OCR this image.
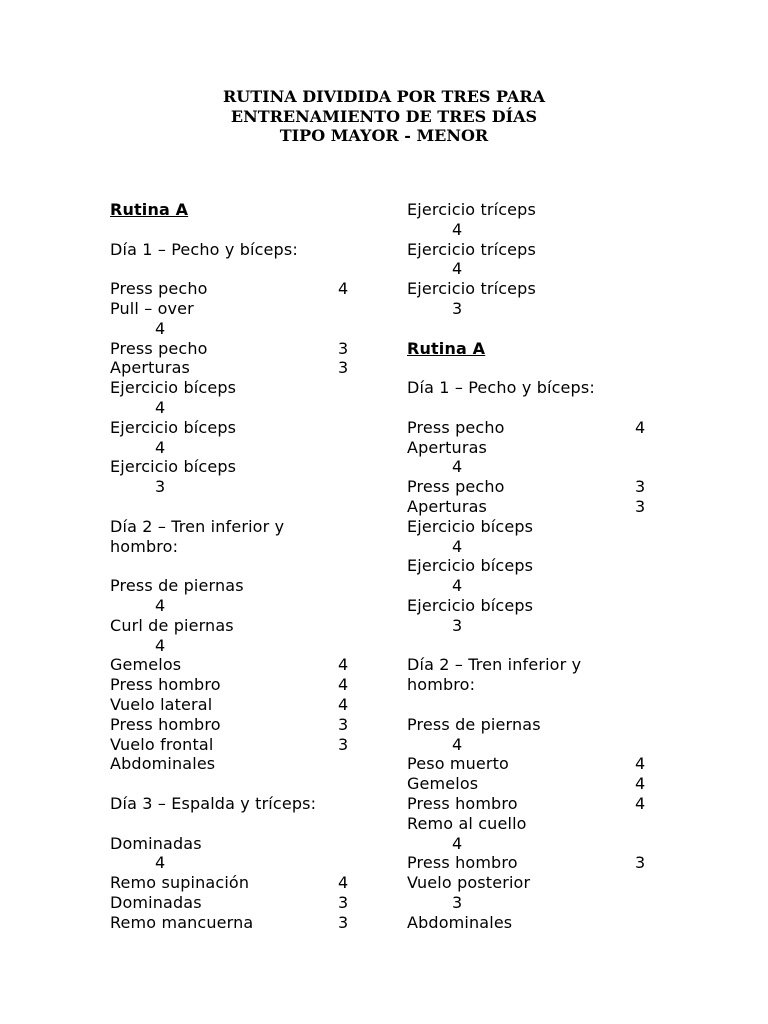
RUTINA DIVIDIDA POR TRES PARA
ENTRENAMIENTO DE TRES DÍAS
TIPO MAYOR - MENOR
Rutina A

Día 1 – Pecho y bíceps:

Press pecho	4
Pull – over
4
Press pecho	3
Aperturas	3
Ejercicio bíceps
4
Ejercicio bíceps
4
Ejercicio bíceps
3

Día 2 – Tren inferior y
hombro:

Press de piernas
4
Curl de piernas
4
Gemelos	4
Press hombro	4
Vuelo lateral	4
Press hombro	3
Vuelo frontal	3
Abdominales

Día 3 – Espalda y tríceps:

Dominadas
4
Remo supinación	4
Dominadas	3
Remo mancuerna	3
Ejercicio tríceps
4
Ejercicio tríceps
4
Ejercicio tríceps
3

Rutina A

Día 1 – Pecho y bíceps:

Press pecho	4
Aperturas
4
Press pecho	3
Aperturas	3
Ejercicio bíceps
4
Ejercicio bíceps
4
Ejercicio bíceps
3

Día 2 – Tren inferior y
hombro:

Press de piernas
4
Peso muerto	4
Gemelos	4
Press hombro	4
Remo al cuello
4
Press hombro	3
Vuelo posterior
3
Abdominales
